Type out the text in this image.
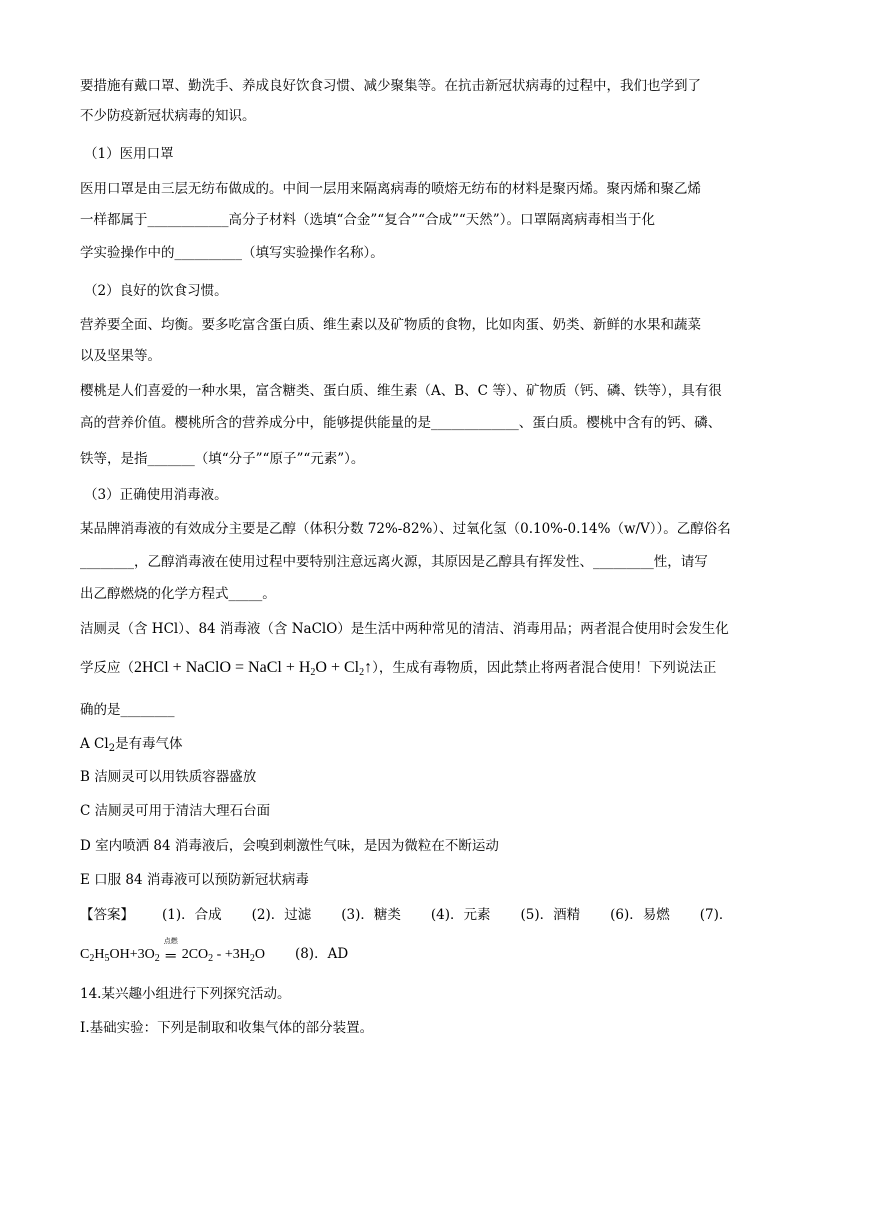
要措施有戴口罩、勤洗手、养成良好饮食习惯、减少聚集等。在抗击新冠状病毒的过程中，我们也学到了
不少防疫新冠状病毒的知识。
（1）医用口罩
医用口罩是由三层无纺布做成的。中间一层用来隔离病毒的喷熔无纺布的材料是聚丙烯。聚丙烯和聚乙烯
一样都属于____________高分子材料（选填“合金”“复合”“合成”“天然”）。口罩隔离病毒相当于化
学实验操作中的__________（填写实验操作名称）。
（2）良好的饮食习惯。
营养要全面、均衡。要多吃富含蛋白质、维生素以及矿物质的食物，比如肉蛋、奶类、新鲜的水果和蔬菜
以及坚果等。
樱桃是人们喜爱的一种水果，富含糖类、蛋白质、维生素（A、B、C 等）、矿物质（钙、磷、铁等），具有很
高的营养价值。樱桃所含的营养成分中，能够提供能量的是_____________、蛋白质。樱桃中含有的钙、磷、
铁等，是指_______（填“分子”“原子”“元素”）。
（3）正确使用消毒液。
某品牌消毒液的有效成分主要是乙醇（体积分数 72%-82%）、过氧化氢（0.10%-0.14%（w/V））。乙醇俗名
________，乙醇消毒液在使用过程中要特别注意远离火源，其原因是乙醇具有挥发性、_________性，请写
出乙醇燃烧的化学方程式_____。
洁厕灵（含 HCl）、84 消毒液（含 NaClO）是生活中两种常见的清洁、消毒用品；两者混合使用时会发生化
学反应（2HCl + NaClO = NaCl + $H_2O$ + $Cl_2↑$），生成有毒物质，因此禁止将两者混合使用！下列说法正
确的是________
A $Cl_2$是有毒气体
B 洁厕灵可以用铁质容器盛放
C 洁厕灵可用于清洁大理石台面
D 室内喷洒 84 消毒液后，会嗅到刺激性气味，是因为微粒在不断运动
E 口服 84 消毒液可以预防新冠状病毒
【答案】 (1)．合成 (2)．过滤 (3)．糖类 (4)．元素 (5)．酒精 (6)．易燃 (7)．
$C_2H_5OH+3O_2$
点燃
═ $2CO_2 - +3H_2O$ (8)．AD
14.某兴趣小组进行下列探究活动。
I.基础实验：下列是制取和收集气体的部分装置。
